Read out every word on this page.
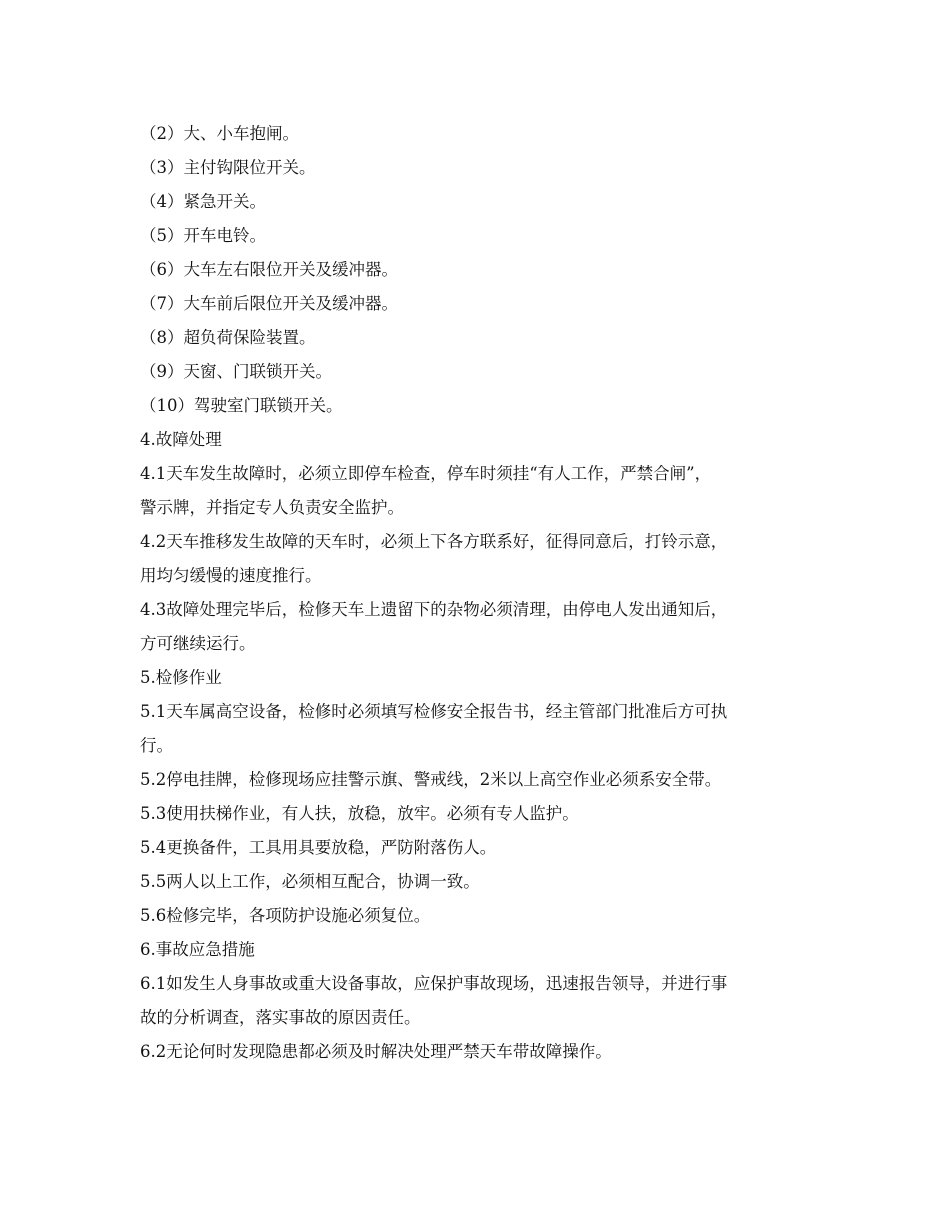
（2）大、小车抱闸。

（3）主付钩限位开关。

（4）紧急开关。

（5）开车电铃。

（6）大车左右限位开关及缓冲器。

（7）大车前后限位开关及缓冲器。

（8）超负荷保险装置。

（9）天窗、门联锁开关。

（10）驾驶室门联锁开关。

4.故障处理

4.1天车发生故障时，必须立即停车检查，停车时须挂“有人工作，严禁合闸”，

警示牌，并指定专人负责安全监护。

4.2天车推移发生故障的天车时，必须上下各方联系好，征得同意后，打铃示意，

用均匀缓慢的速度推行。

4.3故障处理完毕后，检修天车上遗留下的杂物必须清理，由停电人发出通知后，

方可继续运行。

5.检修作业

5.1天车属高空设备，检修时必须填写检修安全报告书，经主管部门批准后方可执

行。

5.2停电挂牌，检修现场应挂警示旗、警戒线，2米以上高空作业必须系安全带。

5.3使用扶梯作业，有人扶，放稳，放牢。必须有专人监护。

5.4更换备件，工具用具要放稳，严防附落伤人。

5.5两人以上工作，必须相互配合，协调一致。

5.6检修完毕，各项防护设施必须复位。

6.事故应急措施

6.1如发生人身事故或重大设备事故，应保护事故现场，迅速报告领导，并进行事

故的分析调查，落实事故的原因责任。

6.2无论何时发现隐患都必须及时解决处理严禁天车带故障操作。
